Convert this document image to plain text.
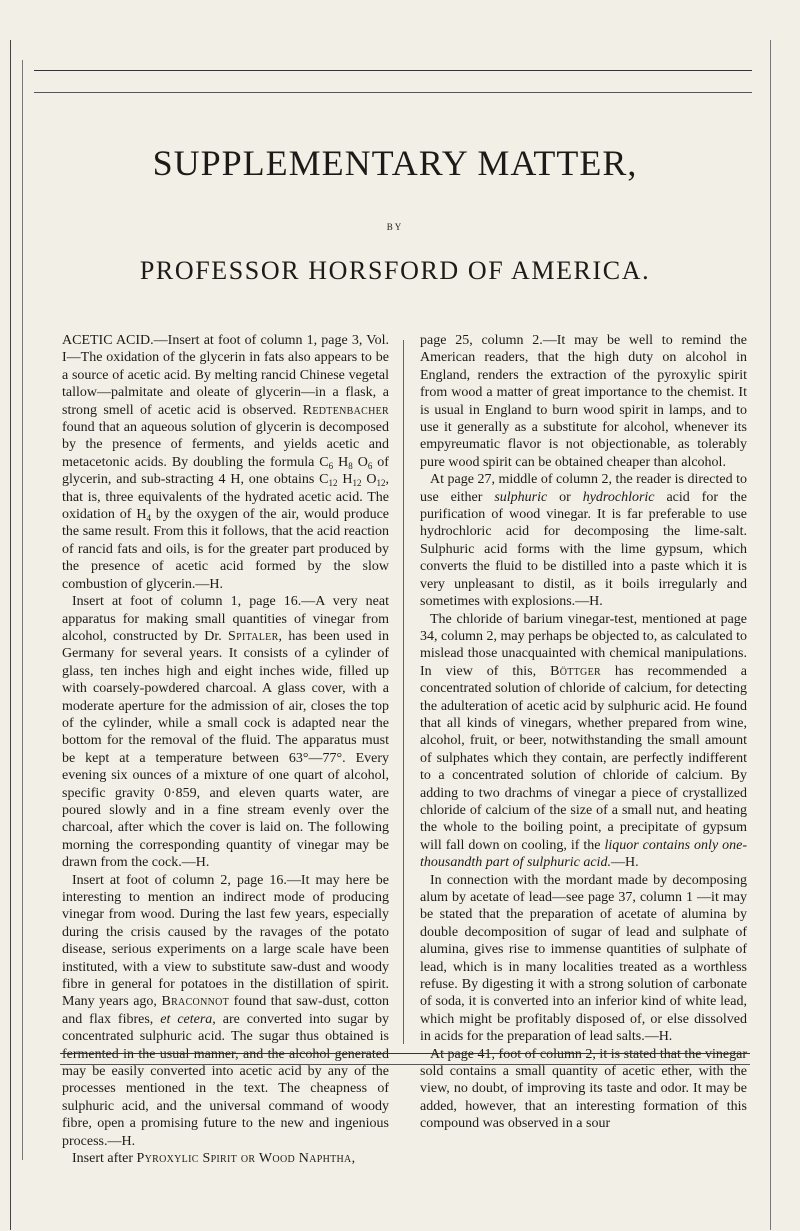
SUPPLEMENTARY MATTER,
BY
PROFESSOR HORSFORD OF AMERICA.

ACETIC ACID.—Insert at foot of column 1, page 3, Vol. I—The oxidation of the glycerin in fats also appears to be a source of acetic acid. By melting rancid Chinese vegetal tallow—palmitate and oleate of glycerin—in a flask, a strong smell of acetic acid is observed. Redtenbacher found that an aqueous solution of glycerin is decomposed by the presence of ferments, and yields acetic and metacetonic acids. By doubling the formula $C_6$ $H_8$ $O_6$ of glycerin, and sub-stracting 4 H, one obtains $C_{12}$ $H_{12}$ $O_{12}$, that is, three equivalents of the hydrated acetic acid. The oxidation of $H_4$ by the oxygen of the air, would produce the same result. From this it follows, that the acid reaction of rancid fats and oils, is for the greater part produced by the presence of acetic acid formed by the slow combustion of glycerin.—H.

Insert at foot of column 1, page 16.—A very neat apparatus for making small quantities of vinegar from alcohol, constructed by Dr. Spitaler, has been used in Germany for several years. It consists of a cylinder of glass, ten inches high and eight inches wide, filled up with coarsely-powdered charcoal. A glass cover, with a moderate aperture for the admission of air, closes the top of the cylinder, while a small cock is adapted near the bottom for the removal of the fluid. The apparatus must be kept at a temperature between 63°—77°. Every evening six ounces of a mixture of one quart of alcohol, specific gravity 0·859, and eleven quarts water, are poured slowly and in a fine stream evenly over the charcoal, after which the cover is laid on. The following morning the corresponding quantity of vinegar may be drawn from the cock.—H.

Insert at foot of column 2, page 16.—It may here be interesting to mention an indirect mode of producing vinegar from wood. During the last few years, especially during the crisis caused by the ravages of the potato disease, serious experiments on a large scale have been instituted, with a view to substitute saw-dust and woody fibre in general for potatoes in the distillation of spirit. Many years ago, Braconnot found that saw-dust, cotton and flax fibres, et cetera, are converted into sugar by concentrated sulphuric acid. The sugar thus obtained is fermented in the usual manner, and the alcohol generated may be easily converted into acetic acid by any of the processes mentioned in the text. The cheapness of sulphuric acid, and the universal command of woody fibre, open a promising future to the new and ingenious process.—H.

Insert after Pyroxylic Spirit or Wood Naphtha,

page 25, column 2.—It may be well to remind the American readers, that the high duty on alcohol in England, renders the extraction of the pyroxylic spirit from wood a matter of great importance to the chemist. It is usual in England to burn wood spirit in lamps, and to use it generally as a substitute for alcohol, whenever its empyreumatic flavor is not objectionable, as tolerably pure wood spirit can be obtained cheaper than alcohol.

At page 27, middle of column 2, the reader is directed to use either sulphuric or hydrochloric acid for the purification of wood vinegar. It is far preferable to use hydrochloric acid for decomposing the lime-salt. Sulphuric acid forms with the lime gypsum, which converts the fluid to be distilled into a paste which it is very unpleasant to distil, as it boils irregularly and sometimes with explosions.—H.

The chloride of barium vinegar-test, mentioned at page 34, column 2, may perhaps be objected to, as calculated to mislead those unacquainted with chemical manipulations. In view of this, Böttger has recommended a concentrated solution of chloride of calcium, for detecting the adulteration of acetic acid by sulphuric acid. He found that all kinds of vinegars, whether prepared from wine, alcohol, fruit, or beer, notwithstanding the small amount of sulphates which they contain, are perfectly indifferent to a concentrated solution of chloride of calcium. By adding to two drachms of vinegar a piece of crystallized chloride of calcium of the size of a small nut, and heating the whole to the boiling point, a precipitate of gypsum will fall down on cooling, if the liquor contains only one-thousandth part of sulphuric acid.—H.

In connection with the mordant made by decomposing alum by acetate of lead—see page 37, column 1 —it may be stated that the preparation of acetate of alumina by double decomposition of sugar of lead and sulphate of alumina, gives rise to immense quantities of sulphate of lead, which is in many localities treated as a worthless refuse. By digesting it with a strong solution of carbonate of soda, it is converted into an inferior kind of white lead, which might be profitably disposed of, or else dissolved in acids for the preparation of lead salts.—H.

At page 41, foot of column 2, it is stated that the vinegar sold contains a small quantity of acetic ether, with the view, no doubt, of improving its taste and odor. It may be added, however, that an interesting formation of this compound was observed in a sour
